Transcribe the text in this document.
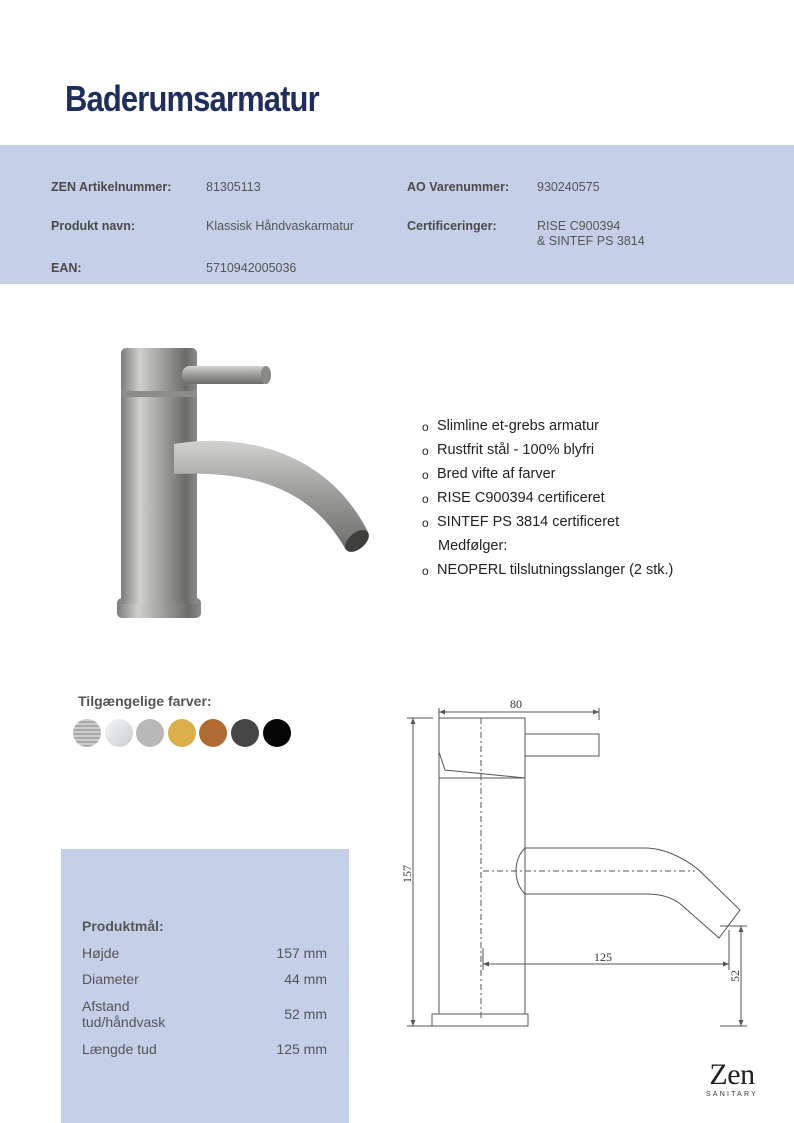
Baderumsarmatur
ZEN Artikelnummer:	81305113	AO Varenummer: 930240575
Produkt navn:	Klassisk Håndvaskarmatur	Certificeringer:	RISE C900394
& SINTEF PS 3814
EAN:	5710942005036
o Slimline et-grebs armatur
o Rustfrit stål - 100% blyfri
o Bred vifte af farver
o RISE C900394 certificeret
o SINTEF PS 3814 certificeret
Medfølger:
o NEOPERL tilslutningsslanger (2 stk.)
Tilgængelige farver:
Produktmål:
Højde	157 mm
Diameter	44 mm
Afstand
tud/håndvask	52 mm
Længde tud	125 mm
80
157
125
52
Zen
SANITARY
